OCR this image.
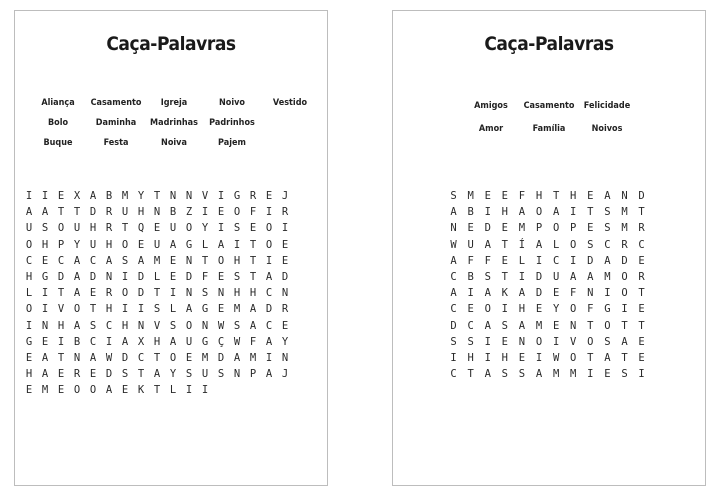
Caça-Palavras
Aliança	Casamento	Igreja	Noivo	Vestido
Bolo	Daminha	Madrinhas	Padrinhos
Buque	Festa	Noiva	Pajem
I I E X A B M Y T N N V I G R E J
A A T T D R U H N B Z I E O F I R
U S O U H R T Q E U O Y I S E O I
O H P Y U H O E U A G L A I T O E
C E C A C A S A M E N T O H T I E
H G D A D N I D L E D F E S T A D
L I T A E R O D T I N S N H H C N
O I V O T H I I S L A G E M A D R
I N H A S C H N V S O N W S A C E
G E I B C I A X H A U G Ç W F A Y
E A T N A W D C T O E M D A M I N
H A E R E D S T A Y S U S N P A J
E M E O O A E K T L I I
Caça-Palavras
Amigos	Casamento	Felicidade
Amor	Família	Noivos
S	M	E	E	F	H	T	H	E	A	N	D
A	B	I	H	A	O	A	I	T	S	M	T
N	E	D	E	M	P	O	P	E	S	M	R
W	U	A	T	Í	A	L	O	S	C	R	C
A	F	F	E	L	I	C	I	D	A	D	E
C	B	S	T	I	D	U	A	A	M	O	R
A	I	A	K	A	D	E	F	N	I	O	T
C	E	O	I	H	E	Y	O	F	G	I	E
D	C	A	S	A	M	E	N	T	O	T	T
S	S	I	E	N	O	I	V	O	S	A	E
I	H	I	H	E	I	W	O	T	A	T	E
C	T	A	S	S	A	M	M	I	E	S	I
